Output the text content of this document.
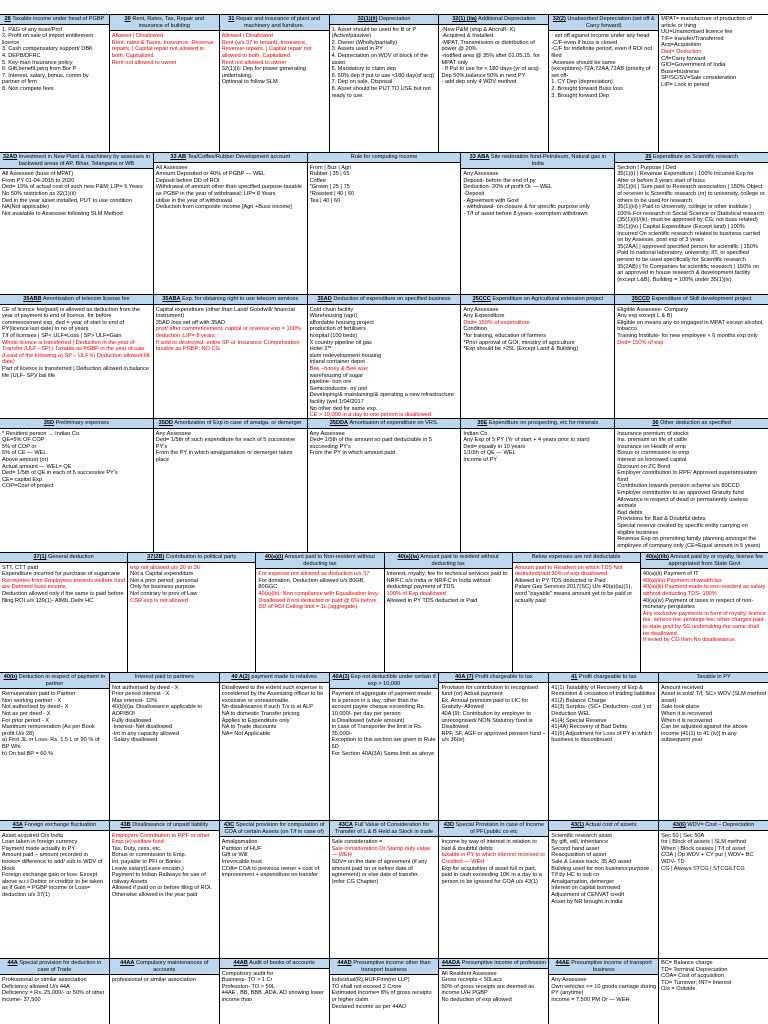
28 Taxable income under head of PGBP
1. P&G of any buss/Prof
2. Profit on sale of import entitlement licence
3. Cash compensatory support/ DBK
4. DEPB/DFRC
5. Key-man Insurance policy
6. Gift,benefit,perq from Bor P
7. Interest, salary, bonus, comm by partner of firm
8. Non compete fees
30 Rent, Rates, Tax, Repair and insurance of building
Allowed | Disallowed
Rent, rates & Taxes, Insurance, Revenue repairs. | Capital repair not allowed to both. Capitalized
Rent not allowed to owner
31 Repair and insurance of plant and machinery and furniture.
Allowed | Disallowed
Rent (u/s 37 to tenant), Insurance, Revenue repairs. | Capital repair not allowed to both. Capitalized
Rent not allowed to owner
32(1)(i): Dep for power generating undertaking.
Optional to follow SLM
32(1)(ii) Depreciation
1. Asset should be used for B or P (Active/passive)
2. Owner (Wholly/partially)
3. Assets used in PY
4. Depreciation on WDV of block of the asset
5. Mandatory to claim dep
6. 50% dep if put to use <180 day(of acq)
7. Dep on sale, Disposal
8. Asset should be PUT TO USE but not ready to use.
32(1) (iia) Additional Depreciation
-New P&M (ship & Aircraft- X)
-Acquired & Installed
-MPAT, Transmission or distribution of power @ 20%
-notified area @ 35% after 01.05.15, for MPAT only
- If Put to use for < 180 days (yr of acq)- Dep 50%,balance 50% in next PY
- add dep only 4 WDV method
32(2) Unabsorbed Depreciation (set off & Carry forward)
- set off against income under any head
-C/F-even if buss is closed
-C/F for Indefinite period, even if ROI not filed
-Assesee should be same (exceptions)-72A,72AA,72AB (priority of set off-
1. CY Dep (depreciation)
2. Brought forward Buss loss
3. Brought forward Dep
MPAT= manufacture of production of article or thing
UU=Unamortised licence fee
T/F= transfer/Transferred
Acq=Acquisition
Ded= Deduction
C/f=Carry forward
GIO=Government of India
Buss=business
SP/SC/SV=Sale consideration
LIP= Lock in period
32AD Investment in New Plant & machinery by assesses in backward areas of AP, Bihar, Telangana or WB
All Assessee (buss of MPAT)
From PY 01-04-2015 to 2020
Ded= 15% of actual cost of such new P&M; LIP= 5 Years
No 50% restriction as 32(1)(ii)
Ded in the year asset installed, PUT to use condition NA(Not applicable)
Not available to Assessee following SLM Method
33 AB Tea/Coffee/Rubber Development account
All Assessee
Amount Deposited or 40% of PGBP — WEL
Deposit before DD of ROI
Withdrawal of amount other than specified purpose-taxable as PGBP in the year of withdrawal; LIP= 8 Years
utilise in the year of withdrawal
Deduction from composite income [Agri +Buss income]
Rule for computing income
From | Buz | Agri
Rubber | 35 | 65
Coffee
*Grown | 25 | 75
*Roasted | 40 | 60
Tea | 40 | 60
33 ABA Site restoration fund-Petroleum, Natural gas in India
Any Assessee
Deposit- before the end of py
Deduction- 20% of profit Or — WEL
-Deposit
- Agreement with Govt
- withdrawal- on closure & for specific purpose only
- T/f of asset before 8 years- exemption withdrawn
35 Expenditure on Scientific research
Section | Purpose | Ded
35(1)(i) | Revenue Expenditure | 100% Incurred Exp for After or before 3 years start of buss
35(1)(ii) | Sum paid to Research association | 150% Object of receiver is Scientific research (or) to university, college or others to be used for research
35(1)(iii) | Paid to University, college or other institute | 100% For research in Social Science or Statistical research (35(1)(ii)/(iii)- must be approved by CG; not buss related)
35(1)(iv) | Capital Expenditure (Except land) | 100% Incurred On scientific research related to business carried on by Assesse, post exp of 3 years
35(2AA) | approved specified person for scientific | 150% Paid to national laboratory, university, IIT, or specified person to be used specifically for Scientific research
35(2AB) | To Companies for scientific research | 150% on an approved in house research & development facility (except L&B), Building = 100% under 35(1)(iv)
35ABB Amortisation of telecom license fee
CE of licence fee(paid) is allowed as deduction from the year of payment to end of licence. for before commencement exp, ded = year of start to end of PY(licence last date) in no of years
T/f of licenses | SP< ULF=Loss | SP> ULF=Gain
Whole licence is transferred | Deduction in the year of Transfer (ULF –SP) | Taxable as PGBP in the year of sale (Least of the following a) SP – ULF b) Deduction allowed till date)
Part of licence is transferred | Deduction allowed in balance life (ULF- SP)/ bal life
35ABA Exp. for obtaining right to use telecom services
Capital expenditure (other than Land/ Goodwill/ financial Instrument)
35AD loss set off with 35AD
post/ after commencement, capital or revenue exp = 100% deduction ;LIP= 8 years
If sold or destroyed, entire SP or Insurance Compensation taxable as PGBP; NO CG
35AD Deduction of expenditure on specified business
Cold chain facility
Warehousing (agri)
affordable housing project
production of fertilisers
hospital (100 beds)
X country pipeline oil gas
Hotel 2**
slum redevelopment housing
Inland container depot
Bee –honey & Bee wax
warehousing of sugar
pipeline- iron ore
Semiconductor- m/ unit
Developing/& maintaining/& operating a new infrastructure facility (wef 1/04/2017
No other ded for same exp.
CE > 10,000 in a day to one person is disallowed
35CCC Expenditure on Agricultural extension project
Any Assessee
Any Expenditure
Ded= 150% of expenditure
Condition
*for training, education of farmers
*Prior approval of GOI, ministry of agriculture
*Exp should be >25L (Except Land & Building)
35CCD Expenditure of Skill development project
Eligible Assessee- Company
Any exp except L & B)
Eligible on means any co engaged in MPAT except alcohol, tobacco.
Training Institute- for new employee < 6 months exp only
Ded= 150% of exp
35D Preliminary expenses
* Resident person → Indian Co.
QE=5% OF COP
5% of COP or
5% of CE — WEL
Above amount (or)
Actual amount — WEL= QE
Ded= 1/5th of QE in each of 5 successive PY's
CE= capital Exp
COP=Cost of project
35DD Amortization of Exp in case of amalga. or demerger
Any Assessee
Ded= 1/5th of such expenditure for each of 5 successive PY's
From the PY in which amalgamation or demerger takes place
35DDA Amortisaion of expenditure on VRS.
Any Assessee
Ded= 1/5th of the amount so paid deductable in 5 succeeding PY's
From the PY in which amount paid
35E Expenditure on prospecting, etc for minerals
Indian Co
Any Exp of 5 PY (Yr of start + 4 years prior to start)
Ded= equally in 10 years
1/10th of QE — WEL
Income of PY
36 Other deduction as specified
Insurance premium of stocks
Ins. premium on life of cattle
Insurance on Health of emp
Bonus or commission to emp
Interest on borrowed capital
Discount on ZC Bond
Employer contribution to RPF/ Approved superannuation fund
Contribution towards pension scheme u/s 80CCD
Employer contribution to an approved Gratuity fund
Allowance in respect of dead or permanently useless animals
Bad debts
Provisions for Bad & Doubtful debts
Special reserve created by specific entity carrying on eligible business
Revenue Exp on promoting family planning amongst the employee of company only (CE=Equal amount in 5 years)
37(1) General deduction
STT, CTT paid
Expenditure incurred for purchase of sugarcane
Recoveries from Employees towards welfare fund are Deemed buss income.
Deduction allowed only if the same is paid before filing ROI u/s 139(1)- AIMIL Delhi HC
37(2B) Contribution to political party
exp not allowed u/s 30 to 36
Not a Capital expenditure
Not a prior period, personal
Only for business purpose
Not contrary to prov of Law
CSR exp is not allowed
40(a)(i) Amount paid to Non-resident without deducting tax
For expense not allowed as deduction u/s 37
For donation, Deduction allowed u/s 80GB, 80GGC
40(a)(ib): Non compliance with Equalisation levy- Disallowed if not deducted or paid @ 6% before DD of ROI Ceiling limit = 1L (aggregate)
40(a)(ia) Amount paid to resident without deducting tax
Interest, royalty, fee for technical services paid to NR/FC o/s India or NR/FC in India without deducting/ payment of TDS
100% of Exp disallowed
Allowed in PY TDS deducted or Paid
Below expenses are not deductable
Amount paid to Resident on which TDS Not deducted/paid 30% of exp disallowed
Allowed in PY TDS deducted or Paid
Palam Gas Services 2017(SC) U/s 40(a)(ia)(1), word "payable" means amount yet to be paid or actually paid
40(a)(iib) Amount paid by or royalty, license fee appropriated from State Govt
40(a)(ii) Payment of IT
40(a)(iia) Payment of wealth tax
40(a)(iii) Payment made to non-resident as salary without deducting TDS- 100%
40(a)(iv) Payment of taxes in respect of non-monetary perquisites
Any exclusive payments in form of royalty, licence fee, service fee, privilege fee, other charges paid to state govt by SG undertaking the same shall be disallowed.
If levied by CG then No disallowance.
40(b) Deduction in respect of payment to partner
Remuneration paid to Partner
Non working partner - X
Not authorised by deed - X
Not as per deed - X
For prior period - X
Maximum remuneration (As per Book profit U/s 28)
a) First 3L or Loss- Rs. 1.5 L or 90 % of BP Whi
b) On bal BP = 60 %
Interest paid to partners
Not authorised by deed - X
Prior period interest - X
Max interest- 12%
40(b)(i)a: Disallowance applicable to AOP/BOI
Fully disallowed
-Interest- Net disallowed
-Int in any capacity allowed
-Salary disallowed
40 A(2) payment made to relatives
Disallowed to the extent such expense is considered by the Assessing officer to be excessive or unreasonable.
No disallowance if such T/s is at ALP
NA to domestic Transfer pricing
Applies to Expenditure only
NA to Trade discounts
NA= Not Applicable
40A(3) Exp not deductible under certain if exp > 10,000
Payment of aggregate of payment made to a person in a day, other than the account payee cheque exceeding Rs. 10,000/- per day per person
is Disallowed (whole amount)
In case of Transporter the limit is Rs. 35,000/-
Exception to this section are given in Rule 6D
For Section 40A(3A) Same limit as above
40A (7) Profit chargeable to tax
Provision for contribution to recognised fund (or) Actual payment
Ex. Annual premium paid to LIC for Gratuity- Allowed
40A (9): Contribution by employer to unrecognised/ NON Statutory fund is Disallowed
RPF, SF, AGF or approved pension fund – u/s 36(iv)
41 Profit chargeable to tax
41(1) Taxability of Recovery of Exp & Remission & cessation of trading liabilities
41(2) Balance Charge
41(3) Surplus- (SC+ Deduction- cost ) or Deduction WEL
41(4) Special Reserve
41(4A) Recovery of Bad Debts
41(5) Adjustment for Loss of PY in which business is discontinued
Taxable in PY
Amount received
Asset is sold/ T/f, SC> WDV (SLM method asset)
Sale took place
When it is recovered
When it is recovered
Can be adjusted against the above income [41(1) to 41 (iv)] in any subsequent year
43A Foreign exchange fluctuation
Asset acquired O/s India
Loan taken in foreign currency
Payment made actually in PY
Amount paid – amount recorded in books= difference to add/ sub to WDV of block
Foreign exchange gain or loss: Except above w.r.t Debtor or creditor to be taken as if Gain = PGBP income or Loss= deduction u/s 37(1)
43B Disallowance of unpaid liability
Employers Contribution to RPF or other Emp.(e) welfare fund
Tax, Duty, cess, etc.
Bonus or commission to Emp.
Int. payable to PFI or Banks
Leave salary(Leave encash.)
Payment to Indian Railways for use of railway Assets
Allowed if paid on or before filing of ROI. Otherwise allowed in the year paid
43C Special provision for computation of COA of certain Assets (on T/f in case of)
Amalgamation
Partition of HUF
Gift or Will
Irrevocable trust
COA= COA to previous owner + cost of improvement + expenditure on transfer
43CA Full Value of Consideration for Transfer of L & B Held as Stock in trade
Sale consideration =
Sale consideration Or Stamp duty value — WEH
SDV= on the date of agreement (if any amount paid on or before date of agreement) or else date of transfer.
(refer CG Chapter)
43D Special Provision in case of Income of PFI,public co etc
Income by way of interest in relation to bad & doubtful debts
taxable in PY in which interest received or Credited — WEH
Exp for acquisition of asset full or part, paid in cash exceeding 10K in a day to a person to be ignored for COA u/s 43(1)
43(1) Actual cost of assets
Scientific research asset
By gift, will, inheritance
Second hand asset
Reacquisition of asset
Sale & Lease back, 35 AD asset
Building used for non business purpose , T/f by HC to sub co
Amalgamation, demerger
Interest on capital borrowed
Adjustment of CENVAT credit
Asset by NR brought in India
43(6) WDV= Cost – Depreciation
Sec 50 | Sec 50A
for | Block of assets | SLM method
When | Block ceases | T/f of asset
COA | Op WDV + CY pur | WDV+ BC WDV- TD
CG | Always STCG | STCG/LTCG
44A Special provision for deduction in case of Trade
Professional or similar association
Deficiency allowed U/s 44A
Deficiency = Rs. 25,000/- or 50% of other income- 37,500
44AA Compulsory maintenances of accounts
professional or similar association
44AB Audit of books of accounts
Compulsory audit for
Business- TO > 1 Cr
Profession- TO > 50L
44AE , BB, BBB ,ADA, AD showing lower income than
44AD Presumptive income other than transport business
Individual(R),HUF,Firm(no LLP)
TO shall not exceed 2 Crore
Estimated income= 8% of gross receipts or higher claim
Declared income as per 44AD
44ADA Presumptive income of profession
All Resident Assessee
Gross receipts < 50Lacs
50% of gross receipts are deemed as income U/H PGBP
No deduction of exp allowed
44AE Presumptive income of transport business
Any Assessee
Own vehicles <= 10 goods carriage during PY (anytime)
Income = 7,500 PM Or — WEH
BC= Balance charge
TD= Terminal Depreciation
COA= Cost of acquisition
TO= Turnover; INT= Interest
O/s = Outside
